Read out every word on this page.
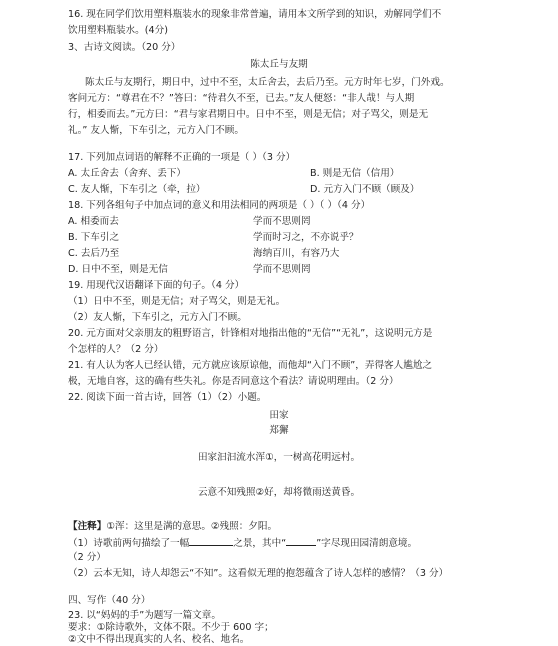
16. 现在同学们饮用塑料瓶装水的现象非常普遍，请用本文所学到的知识，劝解同学们不
饮用塑料瓶装水。(4分)
3、古诗文阅读。（20 分）
陈太丘与友期
陈太丘与友期行，期日中，过中不至，太丘舍去，去后乃至。元方时年七岁，门外戏。
客问元方：“尊君在不？”答曰：“待君久不至，已去。”友人便怒：“非人哉！与人期
行，相委而去。”元方曰：“君与家君期日中。日中不至，则是无信；对子骂父，则是无
礼。” 友人惭，下车引之，元方入门不顾。
17. 下列加点词语的解释不正确的一项是（ ）（3 分）
A. 太丘舍去（舍弃、丢下）	B. 则是无信（信用）
C. 友人惭，下车引之（牵，拉）	D. 元方入门不顾（顾及）
18. 下列各组句子中加点词的意义和用法相同的两项是（ ）（ ）（4 分）
A. 相委而去	学而不思则罔
B. 下车引之	学而时习之，不亦说乎？
C. 去后乃至	海纳百川，有容乃大
D. 日中不至，则是无信	学而不思则罔
19. 用现代汉语翻译下面的句子。（4 分）
（1）日中不至，则是无信；对子骂父，则是无礼。
（2）友人惭，下车引之，元方入门不顾。
20. 元方面对父亲朋友的粗野语言，针锋相对地指出他的“无信”“无礼”，这说明元方是
个怎样的人？（2 分）
21. 有人认为客人已经认错，元方就应该原谅他，而他却“入门不顾”，弄得客人尴尬之
极，无地自容，这的确有些失礼。你是否同意这个看法？请说明理由。（2 分）
22. 阅读下面一首古诗，回答（1）（2）小题。
田家
郑獬
田家汩汩流水浑①，一树高花明远村。
云意不知残照②好，却将微雨送黄昏。
【注释】①浑：这里是满的意思。②残照：夕阳。
（1）诗歌前两句描绘了一幅	之景，其中“	”字尽现田园清朗意境。
（2 分）
（2）云本无知，诗人却怨云“不知”。这看似无理的抱怨蕴含了诗人怎样的感情？（3 分）
四、写作（40 分）
23. 以“妈妈的手”为题写一篇文章。
要求：①除诗歌外，文体不限。不少于 600 字；
②文中不得出现真实的人名、校名、地名。
